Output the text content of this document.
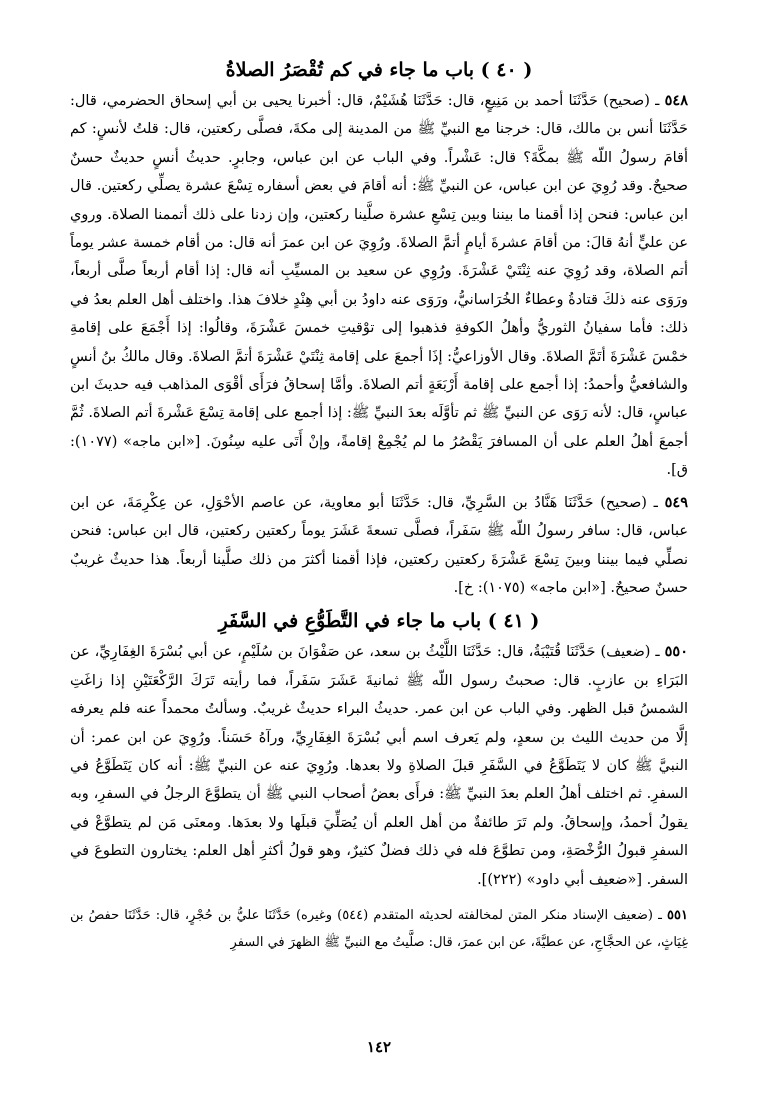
( ٤٠ ) باب ما جاء في كم تُقْصَرُ الصلاةُ

٥٤٨ ـ (صحيح) حَدَّثَنَا أحمد بن مَنِيعٍ، قال: حَدَّثَنَا هُشَيْمٌ، قال: أخبرنا يحيى بن أبي إسحاق الحضرمي، قال: حَدَّثَنَا أنس بن مالك، قال: خرجنا مع النبيِّ ﷺ من المدينة إلى مكةَ، فصلَّى ركعتين، قال: قلتُ لأنسٍ: كم أقامَ رسولُ اللّه ﷺ بمكَّةَ؟ قال: عَشْراً. وفي الباب عن ابن عباس، وجابرٍ. حديثُ أنسٍ حديثٌ حسنٌ صحيحٌ. وقد رُوِيَ عن ابن عباس، عن النبيِّ ﷺ: أنه أقامَ في بعض أسفاره تِسْعَ عشرة يصلِّي ركعتين. قال ابن عباس: فنحن إذا أقمنا ما بيننا وبين تِسْعِ عشرة صلَّينا ركعتين، وإن زدنا على ذلك أتممنا الصلاة. وروي عن عليٍّ أنهُ قالَ: من أقامَ عشرةَ أيامٍ أتمَّ الصلاةَ. ورُوِيَ عن ابن عمرَ أنه قال: من أقام خمسة عشر يوماً أتم الصلاة، وقد رُوِيَ عنه ثِنْتَيْ عَشْرَةَ. ورُوِي عن سعيد بن المسيِّبِ أنه قال: إذا أقام أربعاً صلَّى أربعاً، ورَوَى عنه ذلكَ قتادةُ وعطاءٌ الخُرَاسانيُّ، ورَوَى عنه داودُ بن أبي هِنْدٍ خلافَ هذا. واختلف أهل العلم بعدُ في ذلك: فأما سفيانُ الثوريُّ وأهلُ الكوفةِ فذهبوا إلى توْقيتِ خمسَ عَشْرَةَ، وقالُوا: إذا أَجْمَعَ على إقامةِ خمْسَ عَشْرَةَ أتَمَّ الصلاةَ. وقال الأوزاعيُّ: إذَا أجمعَ على إقامة ثِنْتَيْ عَشْرَةَ أتمَّ الصلاةَ. وقال مالكُ بنُ أنسٍ والشافعيُّ وأحمدُ: إذا أجمع على إقامة أَرْبَعَةٍ أتم الصلاةَ. وأمَّا إسحاقُ فرَأَى أقْوَى المذاهب فيه حديثَ ابن عباسٍ، قال: لأنه رَوَى عن النبيِّ ﷺ ثم تأوَّلَه بعدَ النبيِّ ﷺ: إذا أجمع على إقامة تِسْعَ عَشْرةَ أتم الصلاةَ. ثُمَّ أجمعَ أهلُ العلم على أن المسافرَ يَقْصُرُ ما لم يُجْمِعْ إقامةً، وإنْ أَتَى عليه سِنُونَ. [«ابن ماجه» (١٠٧٧): ق].

٥٤٩ ـ (صحيح) حَدَّثَنَا هَنَّادُ بن السَّرِيِّ، قال: حَدَّثَنَا أبو معاوية، عن عاصم الأحْوَلِ، عن عِكْرِمَةَ، عن ابن عباس، قال: سافر رسولُ اللّه ﷺ سَفَراً، فصلَّى تسعةَ عَشَرَ يوماً ركعتين ركعتين، قال ابن عباس: فنحن نصلِّي فيما بيننا وبينَ تِسْعَ عَشْرَةَ ركعتين ركعتين، فإذا أقمنا أكثرَ من ذلك صلَّينا أربعاً. هذا حديثٌ غريبٌ حسنٌ صحيحٌ. [«ابن ماجه» (١٠٧٥): خ].

( ٤١ ) باب ما جاء في التَّطَوُّعِ في السَّفَرِ

٥٥٠ ـ (ضعيف) حَدَّثَنَا قُتَيْبَةُ، قال: حَدَّثَنَا اللَّيْثُ بن سعد، عن صَفْوَانَ بن سُلَيْمٍ، عن أبي بُسْرَةَ الغِفَارِيِّ، عن البَرَاءِ بن عازبٍ. قال: صحبتُ رسول اللّه ﷺ ثمانيةَ عَشَرَ سَفَراً، فما رأيته تَرَكَ الرَّكْعَتَيْنِ إذا زاغَتِ الشمسُ قبل الظهر. وفي الباب عن ابن عمر. حديثُ البراء حديثٌ غريبٌ. وسألتُ محمداً عنه فلم يعرفه إلَّا من حديث الليث بن سعدٍ، ولم يَعرف اسم أبي بُسْرَةَ الغِفَارِيِّ، ورآهُ حَسَناً. ورُوِيَ عن ابن عمر: أن النبيَّ ﷺ كان لا يَتَطَوَّعُ في السَّفَرِ قبلَ الصلاةِ ولا بعدها. ورُوِيَ عنه عن النبيِّ ﷺ: أنه كان يَتَطَوَّعُ في السفرِ. ثم اختلف أهلُ العلم بعدَ النبيِّ ﷺ: فرأَى بعضُ أصحاب النبي ﷺ أن يتطوَّعَ الرجلُ في السفرِ، وبه يقولُ أحمدُ، وإسحاقُ. ولم تَرَ طائفةٌ من أهل العلم أن يُصَلِّيَ قبلَها ولا بعدَها. ومعنَى مَن لم يتطوَّعْ في السفرِ قبولُ الرُّخْصَةِ، ومن تطوَّعَ فله في ذلك فضلٌ كثيرٌ، وهو قولُ أكثرِ أهل العلم: يختارون التطوعَ في السفر. [«ضعيف أبي داود» (٢٢٢)].

٥٥١ ـ (ضعيف الإسناد منكر المتن لمخالفته لحديثه المتقدم (٥٤٤) وغيره) حَدَّثَنَا عليُّ بن حُجْرٍ، قال: حَدَّثَنَا حفصُ بن غِيَاثٍ، عن الحجَّاجِ، عن عطيَّةَ، عن ابن عمرَ، قال: صلَّيتُ مع النبيِّ ﷺ الظهرَ في السفرِ

١٤٢
